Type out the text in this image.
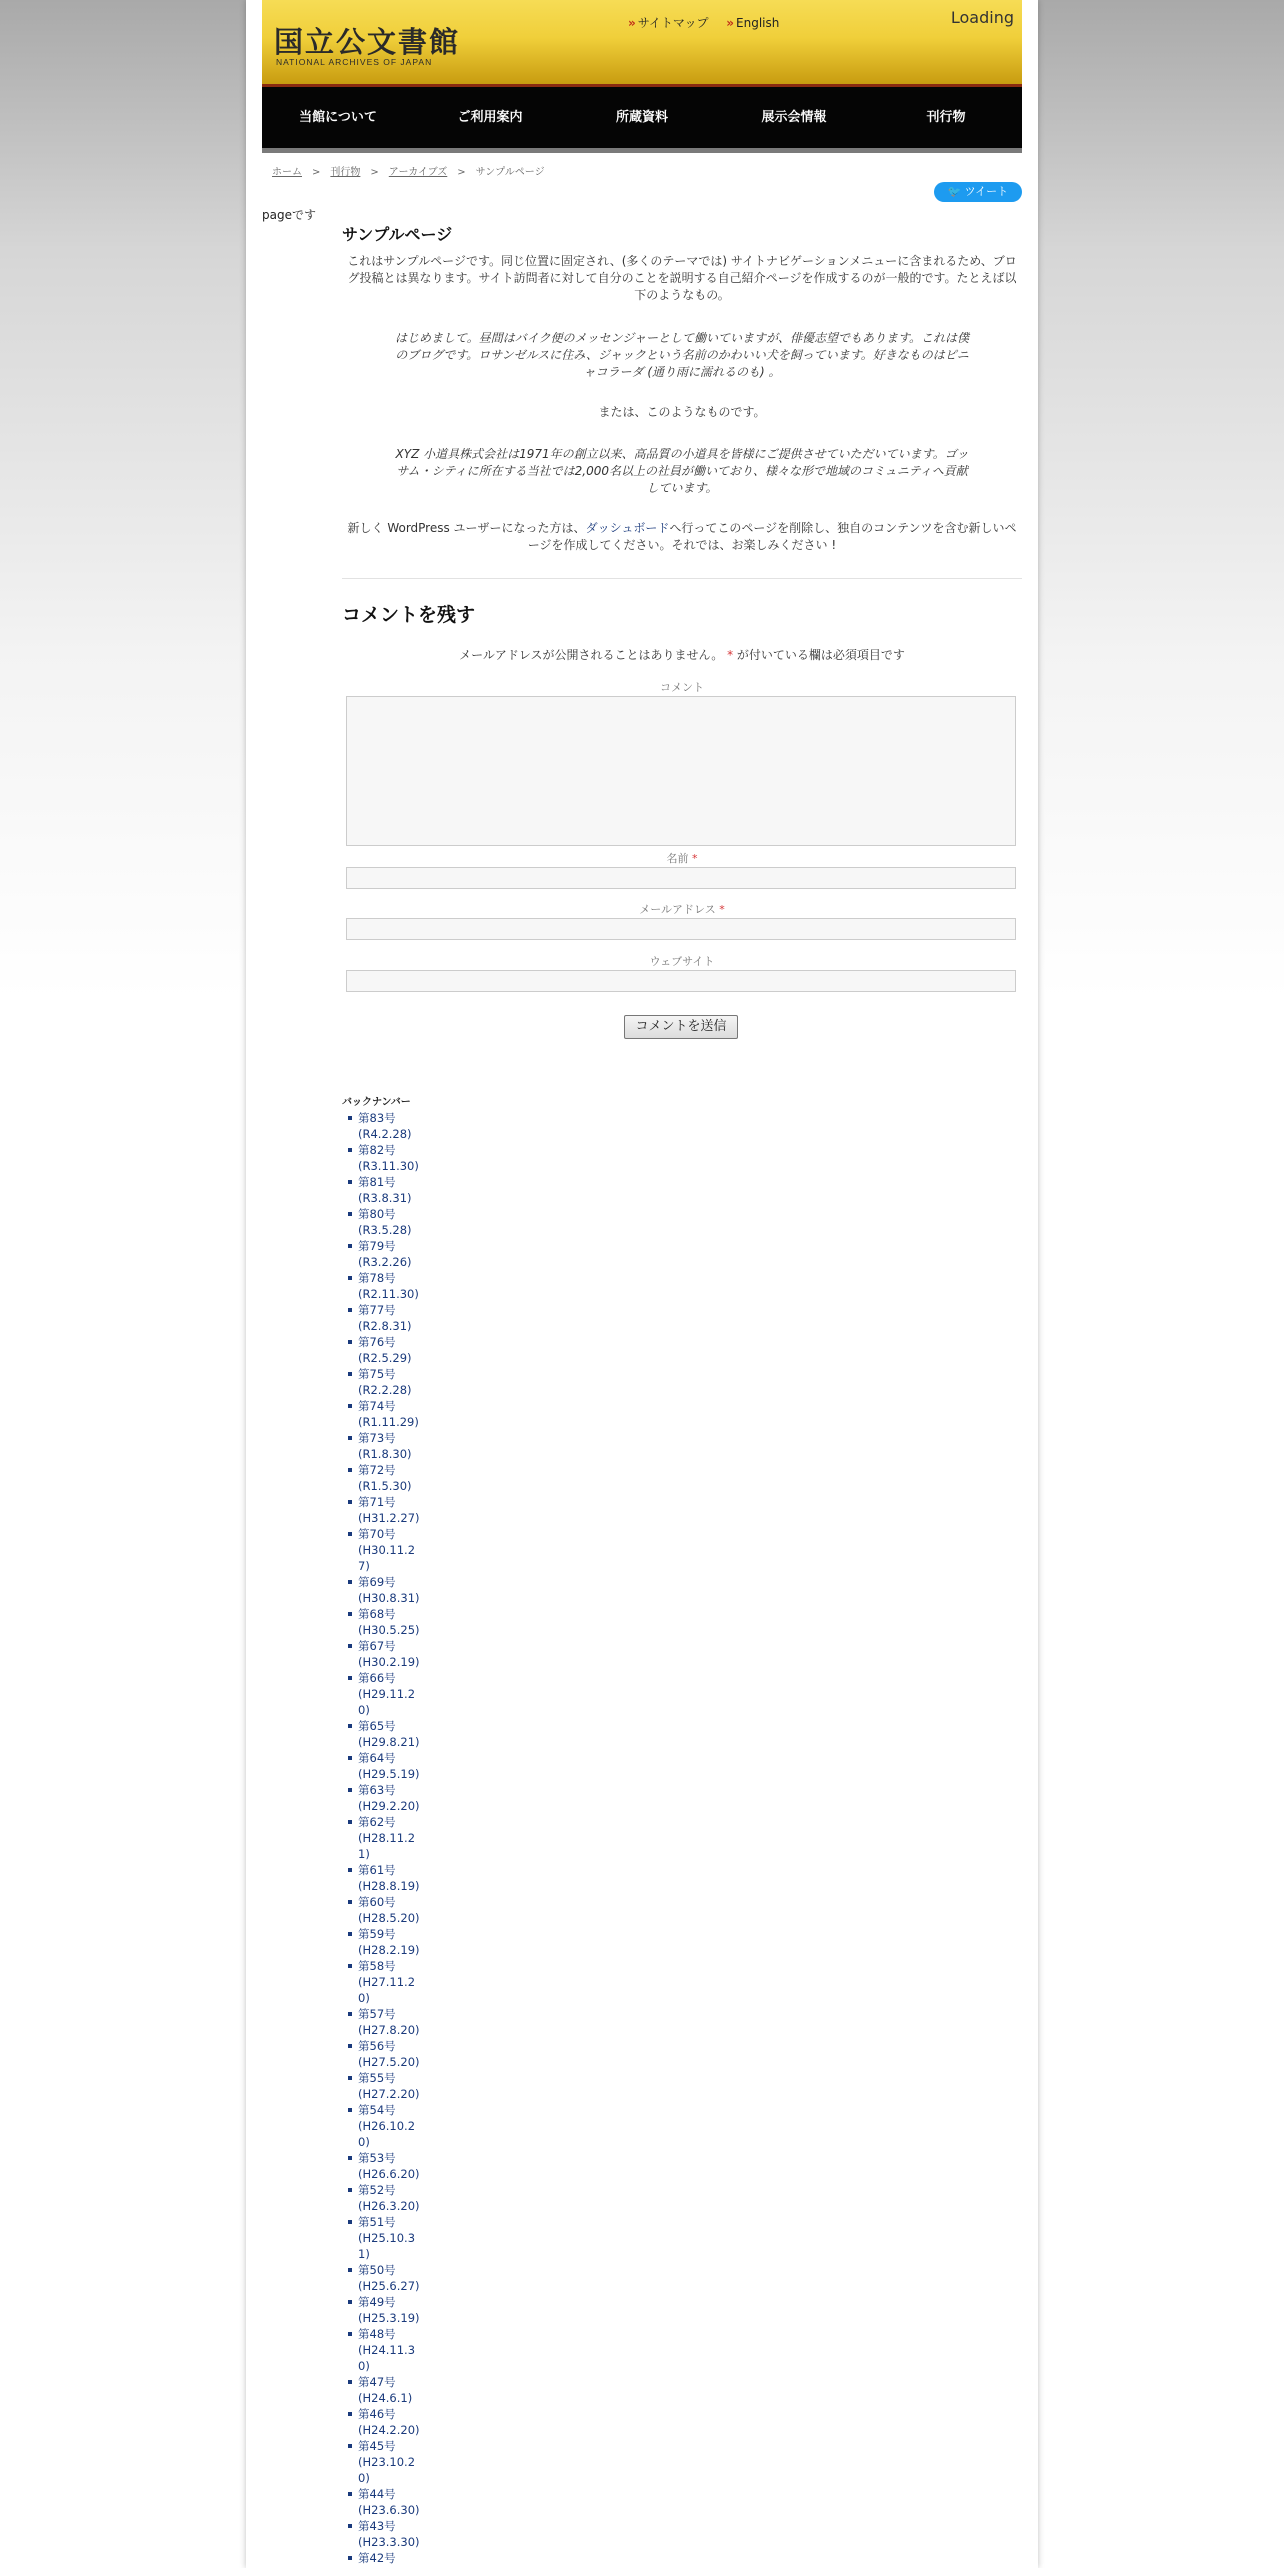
国立公文書館
NATIONAL ARCHIVES OF JAPAN
» サイトマップ » English	Loading
当館について	ご利用案内	所蔵資料	展示会情報	刊行物
ホーム > 刊行物 > アーカイブズ > サンプルページ
🐦 ツイート
pageです
サンプルページ

これはサンプルページです。同じ位置に固定され、(多くのテーマでは) サイトナビゲーションメニューに含まれるため、ブログ投稿とは異なります。サイト訪問者に対して自分のことを説明する自己紹介ページを作成するのが一般的です。たとえば以下のようなもの。

はじめまして。昼間はバイク便のメッセンジャーとして働いていますが、俳優志望でもあります。これは僕のブログです。ロサンゼルスに住み、ジャックという名前のかわいい犬を飼っています。好きなものはピニャコラーダ (通り雨に濡れるのも) 。

または、このようなものです。

XYZ 小道具株式会社は1971年の創立以来、高品質の小道具を皆様にご提供させていただいています。ゴッサム・シティに所在する当社では2,000名以上の社員が働いており、様々な形で地域のコミュニティへ貢献しています。

新しく WordPress ユーザーになった方は、ダッシュボードへ行ってこのページを削除し、独自のコンテンツを含む新しいページを作成してください。それでは、お楽しみください !

コメントを残す
メールアドレスが公開されることはありません。 * が付いている欄は必須項目です
コメント
名前 *
メールアドレス *
ウェブサイト
コメントを送信
バックナンバー
第83号
(R4.2.28)
第82号
(R3.11.30)
第81号
(R3.8.31)
第80号
(R3.5.28)
第79号
(R3.2.26)
第78号
(R2.11.30)
第77号
(R2.8.31)
第76号
(R2.5.29)
第75号
(R2.2.28)
第74号
(R1.11.29)
第73号
(R1.8.30)
第72号
(R1.5.30)
第71号
(H31.2.27)
第70号
(H30.11.27)
第69号
(H30.8.31)
第68号
(H30.5.25)
第67号
(H30.2.19)
第66号
(H29.11.20)
第65号
(H29.8.21)
第64号
(H29.5.19)
第63号
(H29.2.20)
第62号
(H28.11.21)
第61号
(H28.8.19)
第60号
(H28.5.20)
第59号
(H28.2.19)
第58号
(H27.11.20)
第57号
(H27.8.20)
第56号
(H27.5.20)
第55号
(H27.2.20)
第54号
(H26.10.20)
第53号
(H26.6.20)
第52号
(H26.3.20)
第51号
(H25.10.31)
第50号
(H25.6.27)
第49号
(H25.3.19)
第48号
(H24.11.30)
第47号
(H24.6.1)
第46号
(H24.2.20)
第45号
(H23.10.20)
第44号
(H23.6.30)
第43号
(H23.3.30)
第42号
